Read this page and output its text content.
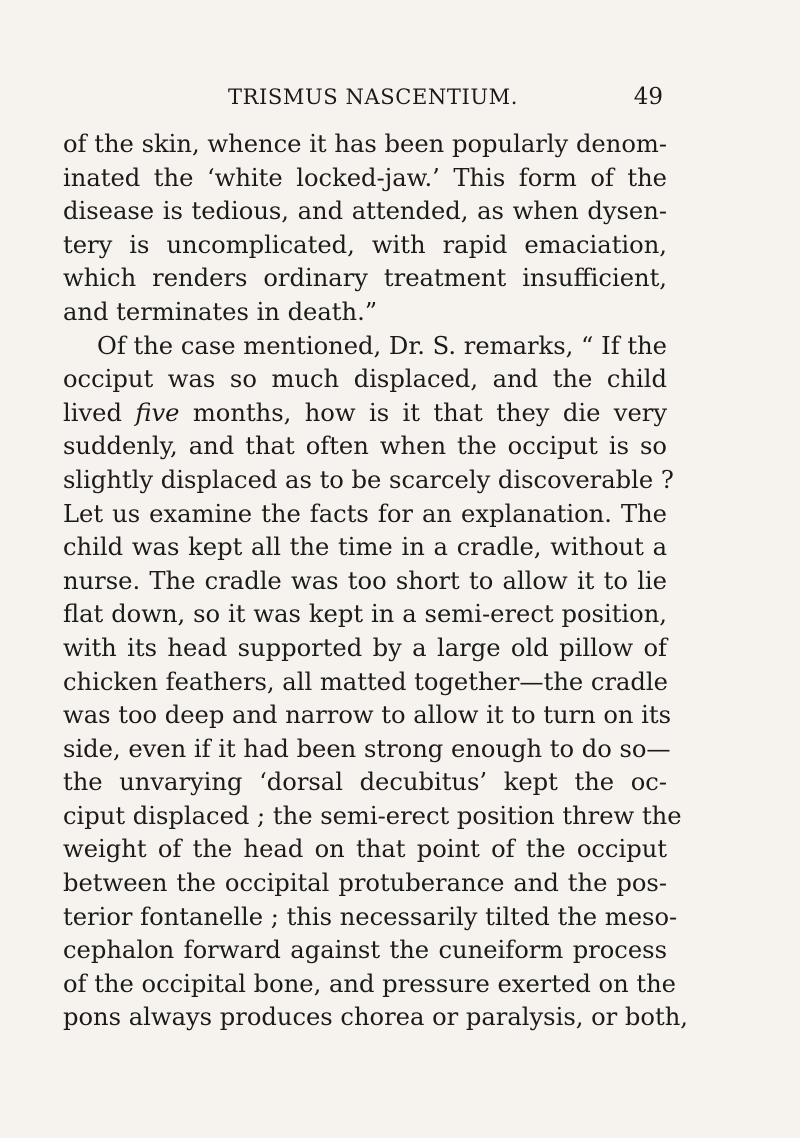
TRISMUS NASCENTIUM.	49
of the skin, whence it has been popularly denom-
inated the ‘white locked-jaw.’ This form of the
disease is tedious, and attended, as when dysen-
tery is uncomplicated, with rapid emaciation,
which renders ordinary treatment insufficient,
and terminates in death.”
Of the case mentioned, Dr. S. remarks, “ If the
occiput was so much displaced, and the child
lived five months, how is it that they die very
suddenly, and that often when the occiput is so
slightly displaced as to be scarcely discoverable ?
Let us examine the facts for an explanation. The
child was kept all the time in a cradle, without a
nurse. The cradle was too short to allow it to lie
flat down, so it was kept in a semi-erect position,
with its head supported by a large old pillow of
chicken feathers, all matted together—the cradle
was too deep and narrow to allow it to turn on its
side, even if it had been strong enough to do so—
the unvarying ‘dorsal decubitus’ kept the oc-
ciput displaced ; the semi-erect position threw the
weight of the head on that point of the occiput
between the occipital protuberance and the pos-
terior fontanelle ; this necessarily tilted the meso-
cephalon forward against the cuneiform process
of the occipital bone, and pressure exerted on the
pons always produces chorea or paralysis, or both,
